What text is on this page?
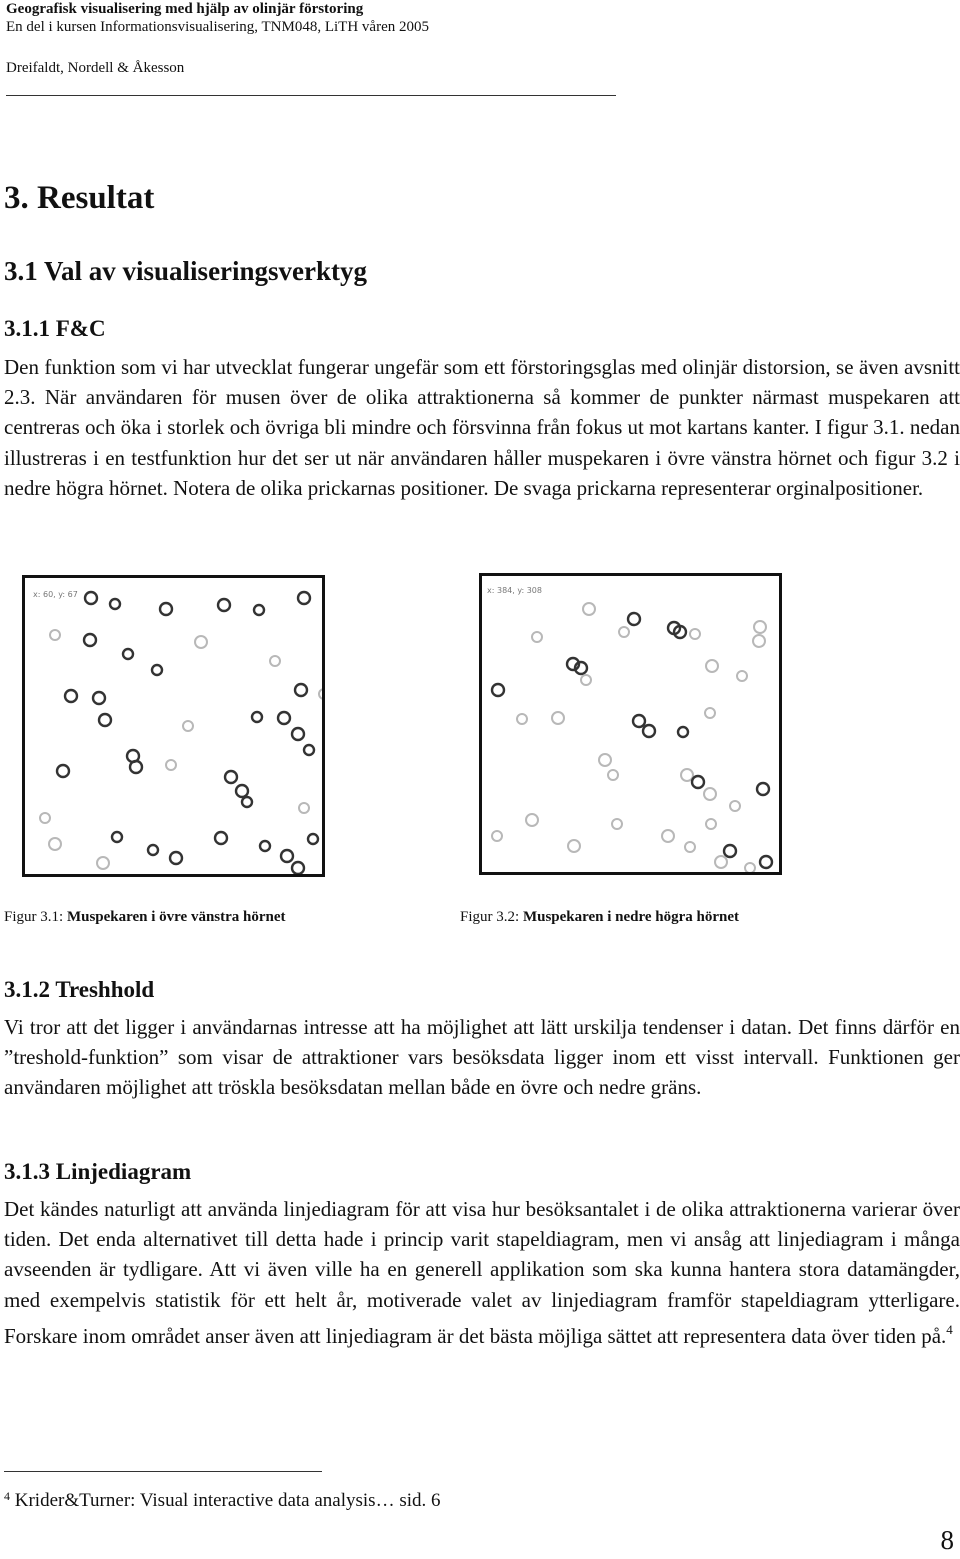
Geografisk visualisering med hjälp av olinjär förstoring
En del i kursen Informationsvisualisering, TNM048, LiTH våren 2005
Dreifaldt, Nordell & Åkesson
3. Resultat
3.1 Val av visualiseringsverktyg
3.1.1 F&C
Den funktion som vi har utvecklat fungerar ungefär som ett förstoringsglas med olinjär distorsion, se även avsnitt 2.3. När användaren för musen över de olika attraktionerna så kommer de punkter närmast muspekaren att centreras och öka i storlek och övriga bli mindre och försvinna från fokus ut mot kartans kanter. I figur 3.1. nedan illustreras i en testfunktion hur det ser ut när användaren håller muspekaren i övre vänstra hörnet och figur 3.2 i nedre högra hörnet. Notera de olika prickarnas positioner. De svaga prickarna representerar orginalpositioner.
x: 60, y: 67	x: 384, y: 308
Figur 3.1: Muspekaren i övre vänstra hörnet	Figur 3.2: Muspekaren i nedre högra hörnet
3.1.2 Treshhold
Vi tror att det ligger i användarnas intresse att ha möjlighet att lätt urskilja tendenser i datan. Det finns därför en ”treshold-funktion” som visar de attraktioner vars besöksdata ligger inom ett visst intervall. Funktionen ger användaren möjlighet att tröskla besöksdatan mellan både en övre och nedre gräns.
3.1.3 Linjediagram
Det kändes naturligt att använda linjediagram för att visa hur besöksantalet i de olika attraktionerna varierar över tiden. Det enda alternativet till detta hade i princip varit stapeldiagram, men vi ansåg att linjediagram i många avseenden är tydligare. Att vi även ville ha en generell applikation som ska kunna hantera stora datamängder, med exempelvis statistik för ett helt år, motiverade valet av linjediagram framför stapeldiagram ytterligare. Forskare inom området anser även att linjediagram är det bästa möjliga sättet att representera data över tiden på.$^4$
$^4$ Krider&Turner: Visual interactive data analysis… sid. 6
8
